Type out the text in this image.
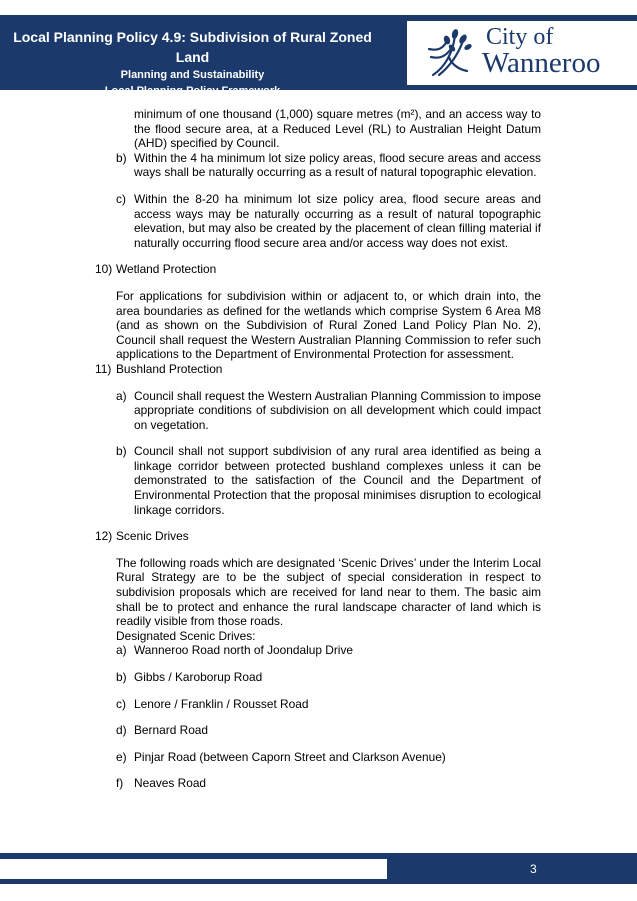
Local Planning Policy 4.9: Subdivision of Rural Zoned Land
Planning and Sustainability
Local Planning Policy Framework
City of
Wanneroo

minimum of one thousand (1,000) square metres (m²), and an access way to the flood secure area, at a Reduced Level (RL) to Australian Height Datum (AHD) specified by Council.

b) Within the 4 ha minimum lot size policy areas, flood secure areas and access ways shall be naturally occurring as a result of natural topographic elevation.
c) Within the 8-20 ha minimum lot size policy area, flood secure areas and access ways may be naturally occurring as a result of natural topographic elevation, but may also be created by the placement of clean filling material if naturally occurring flood secure area and/or access way does not exist.
10) Wetland Protection

For applications for subdivision within or adjacent to, or which drain into, the area boundaries as defined for the wetlands which comprise System 6 Area M8 (and as shown on the Subdivision of Rural Zoned Land Policy Plan No. 2), Council shall request the Western Australian Planning Commission to refer such applications to the Department of Environmental Protection for assessment.

11) Bushland Protection
a) Council shall request the Western Australian Planning Commission to impose appropriate conditions of subdivision on all development which could impact on vegetation.
b) Council shall not support subdivision of any rural area identified as being a linkage corridor between protected bushland complexes unless it can be demonstrated to the satisfaction of the Council and the Department of Environmental Protection that the proposal minimises disruption to ecological linkage corridors.
12) Scenic Drives

The following roads which are designated ‘Scenic Drives’ under the Interim Local Rural Strategy are to be the subject of special consideration in respect to subdivision proposals which are received for land near to them. The basic aim shall be to protect and enhance the rural landscape character of land which is readily visible from those roads.

Designated Scenic Drives:

a) Wanneroo Road north of Joondalup Drive
b) Gibbs / Karoborup Road
c) Lenore / Franklin / Rousset Road
d) Bernard Road
e) Pinjar Road (between Caporn Street and Clarkson Avenue)
f) Neaves Road
3
